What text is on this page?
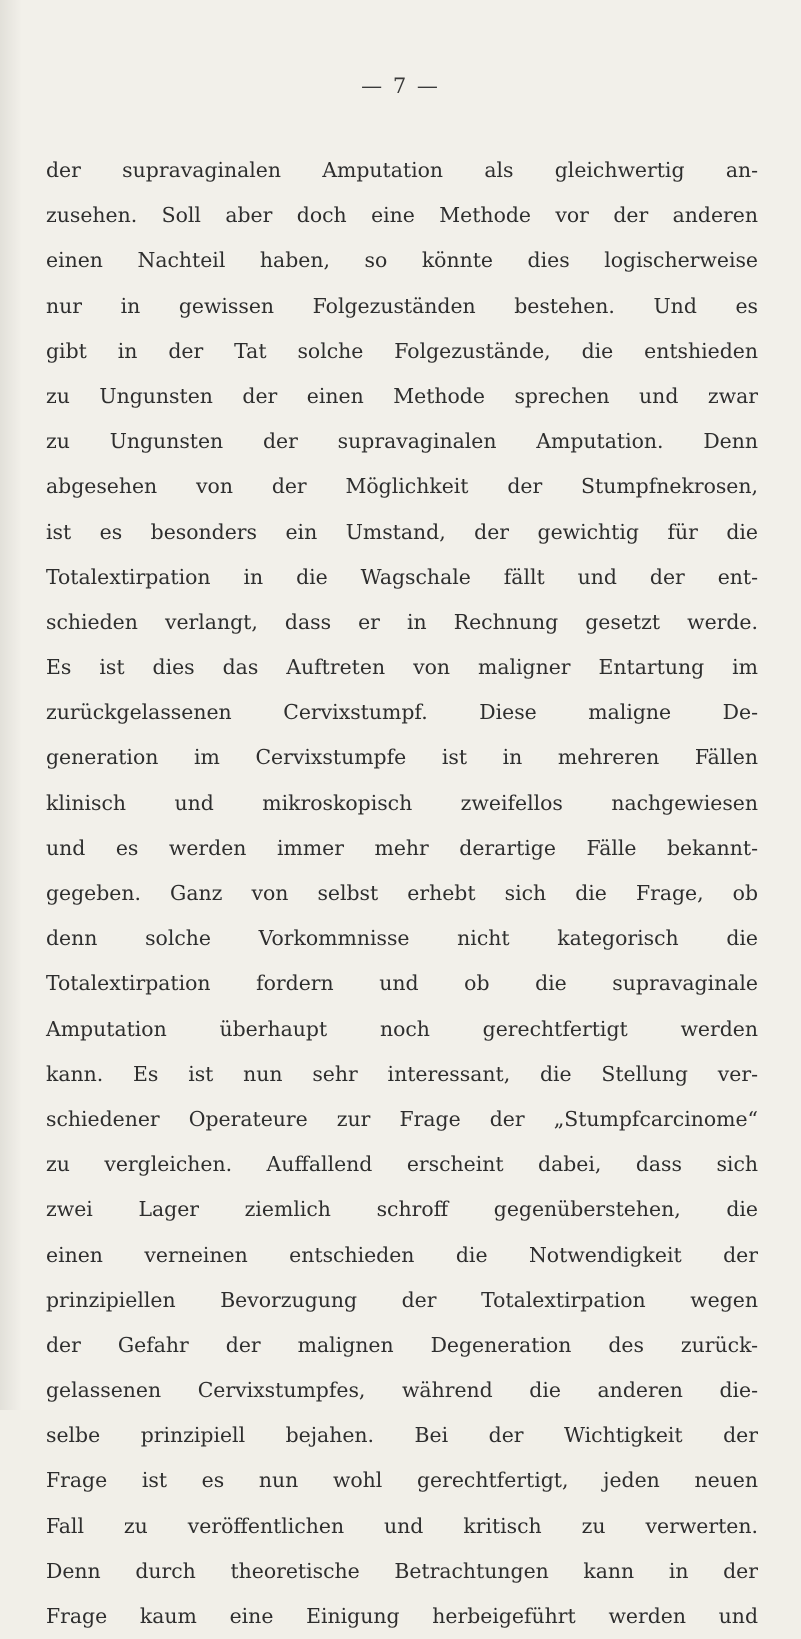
— 7 —
der supravaginalen Amputation als gleichwertig an-
zusehen. Soll aber doch eine Methode vor der anderen
einen Nachteil haben, so könnte dies logischerweise
nur in gewissen Folgezuständen bestehen. Und es
gibt in der Tat solche Folgezustände, die entshieden
zu Ungunsten der einen Methode sprechen und zwar
zu Ungunsten der supravaginalen Amputation. Denn
abgesehen von der Möglichkeit der Stumpfnekrosen,
ist es besonders ein Umstand, der gewichtig für die
Totalextirpation in die Wagschale fällt und der ent-
schieden verlangt, dass er in Rechnung gesetzt werde.
Es ist dies das Auftreten von maligner Entartung im
zurückgelassenen Cervixstumpf. Diese maligne De-
generation im Cervixstumpfe ist in mehreren Fällen
klinisch und mikroskopisch zweifellos nachgewiesen
und es werden immer mehr derartige Fälle bekannt-
gegeben. Ganz von selbst erhebt sich die Frage, ob
denn solche Vorkommnisse nicht kategorisch die
Totalextirpation fordern und ob die supravaginale
Amputation überhaupt noch gerechtfertigt werden
kann. Es ist nun sehr interessant, die Stellung ver-
schiedener Operateure zur Frage der „Stumpfcarcinome“
zu vergleichen. Auffallend erscheint dabei, dass sich
zwei Lager ziemlich schroff gegenüberstehen, die
einen verneinen entschieden die Notwendigkeit der
prinzipiellen Bevorzugung der Totalextirpation wegen
der Gefahr der malignen Degeneration des zurück-
gelassenen Cervixstumpfes, während die anderen die-
selbe prinzipiell bejahen. Bei der Wichtigkeit der
Frage ist es nun wohl gerechtfertigt, jeden neuen
Fall zu veröffentlichen und kritisch zu verwerten.
Denn durch theoretische Betrachtungen kann in der
Frage kaum eine Einigung herbeigeführt werden und
